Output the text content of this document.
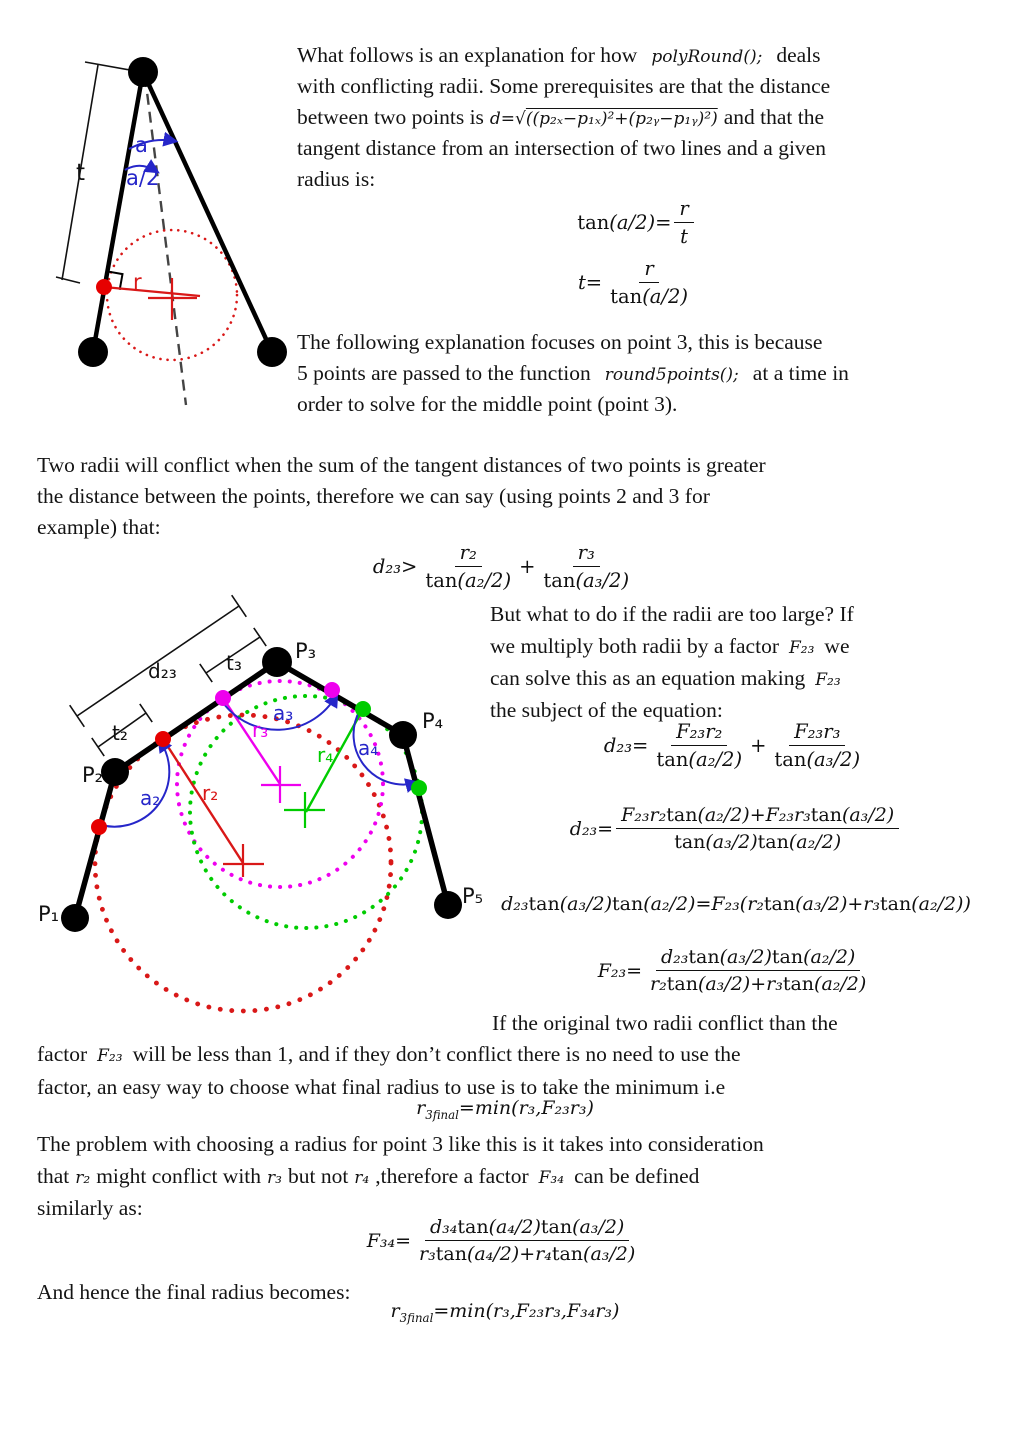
t
a
a/2
r
P₁
P₂
P₃
P₄
P₅
d₂₃ t₃
t₂
a₂
a₃
a₄
r₂
r₃
r₄
What follows is an explanation for how polyRound(); deals
with conflicting radii. Some prerequisites are that the distance
between two points is d=√((p₂ₓ−p₁ₓ)²+(p₂ᵧ−p₁ᵧ)²) and that the
tangent distance from an intersection of two lines and a given
radius is:
$\tan(a/2)= \frac{r}{t}$
$t= \frac{r}{\tan(a/2)}$
The following explanation focuses on point 3, this is because
5 points are passed to the function round5points(); at a time in
order to solve for the middle point (point 3).
Two radii will conflict when the sum of the tangent distances of two points is greater
the distance between the points, therefore we can say (using points 2 and 3 for
example) that:
$d_{23}> \frac{\text{r₂}}{\text{tan(a₂/2)}} + \frac{\text{r₃}}{\text{tan(a₃/2)}}$
But what to do if the radii are too large? If
we multiply both radii by a factor F₂₃ we
can solve this as an equation making F₂₃
the subject of the equation:
$d_{23}= \frac{\text{F₂₃r₂}}{\text{tan(a₂/2)}} + \frac{\text{F₂₃r₃}}{\text{tan(a₃/2)}}$
$d_{23}= \frac{\text{F₂₃r₂tan(a₂/2)+F₂₃r₃tan(a₃/2)}}{\text{tan(a₃/2)tan(a₂/2)}}$
d₂₃tan(a₃/2)tan(a₂/2)=F₂₃(r₂tan(a₃/2)+r₃tan(a₂/2))
$F_{23}= \frac{\text{d₂₃tan(a₃/2)tan(a₂/2)}}{\text{r₂tan(a₃/2)+r₃tan(a₂/2)}}$
If the original two radii conflict than the
factor F₂₃ will be less than 1, and if they don’t conflict there is no need to use the
factor, an easy way to choose what final radius to use is to take the minimum i.e
$r_{3final}=\min(r_3,F_{23}r_3)$
The problem with choosing a radius for point 3 like this is it takes into consideration
that r₂ might conflict with r₃ but not r₄ ,therefore a factor F₃₄ can be defined
similarly as:
$F_{34}= \frac{\text{d₃₄tan(a₄/2)tan(a₃/2)}}{\text{r₃tan(a₄/2)+r₄tan(a₃/2)}}$
And hence the final radius becomes:
$r_{3final}=\min(r_3,F_{23}r_3,F_{34}r_3)$
